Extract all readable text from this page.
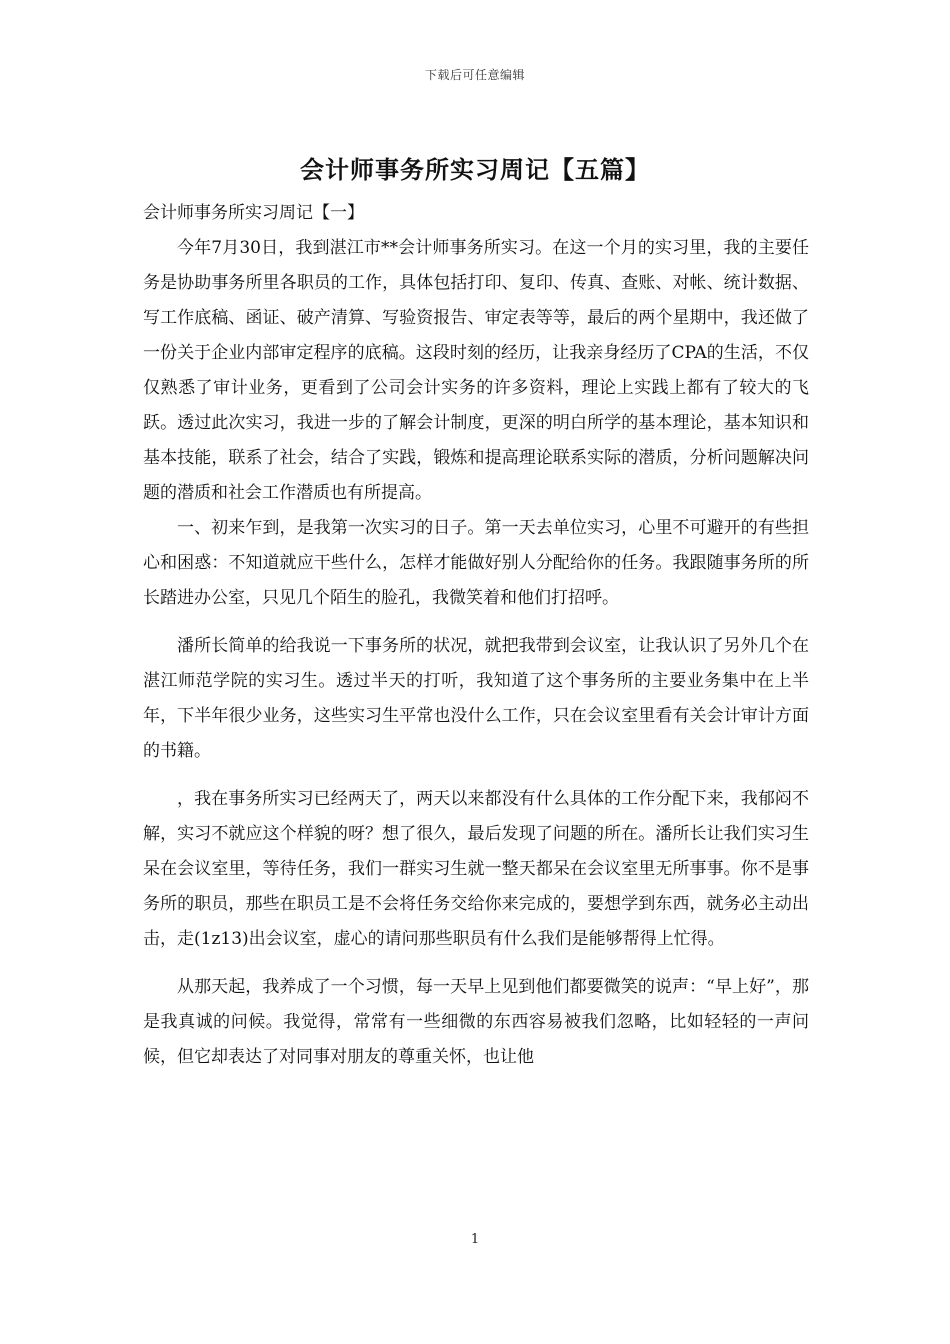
下载后可任意编辑
会计师事务所实习周记【五篇】

会计师事务所实习周记【一】

今年7月30日，我到湛江市**会计师事务所实习。在这一个月的实习里，我的主要任务是协助事务所里各职员的工作，具体包括打印、复印、传真、查账、对帐、统计数据、写工作底稿、函证、破产清算、写验资报告、审定表等等，最后的两个星期中，我还做了一份关于企业内部审定程序的底稿。这段时刻的经历，让我亲身经历了CPA的生活，不仅仅熟悉了审计业务，更看到了公司会计实务的许多资料，理论上实践上都有了较大的飞跃。透过此次实习，我进一步的了解会计制度，更深的明白所学的基本理论，基本知识和基本技能，联系了社会，结合了实践，锻炼和提高理论联系实际的潜质，分析问题解决问题的潜质和社会工作潜质也有所提高。

一、初来乍到，是我第一次实习的日子。第一天去单位实习，心里不可避开的有些担心和困惑：不知道就应干些什么，怎样才能做好别人分配给你的任务。我跟随事务所的所长踏进办公室，只见几个陌生的脸孔，我微笑着和他们打招呼。

潘所长简单的给我说一下事务所的状况，就把我带到会议室，让我认识了另外几个在湛江师范学院的实习生。透过半天的打听，我知道了这个事务所的主要业务集中在上半年，下半年很少业务，这些实习生平常也没什么工作，只在会议室里看有关会计审计方面的书籍。

，我在事务所实习已经两天了，两天以来都没有什么具体的工作分配下来，我郁闷不解，实习不就应这个样貌的呀？想了很久，最后发现了问题的所在。潘所长让我们实习生呆在会议室里，等待任务，我们一群实习生就一整天都呆在会议室里无所事事。你不是事务所的职员，那些在职员工是不会将任务交给你来完成的，要想学到东西，就务必主动出击，走(1z13)出会议室，虚心的请问那些职员有什么我们是能够帮得上忙得。

从那天起，我养成了一个习惯，每一天早上见到他们都要微笑的说声：“早上好”，那是我真诚的问候。我觉得，常常有一些细微的东西容易被我们忽略，比如轻轻的一声问候，但它却表达了对同事对朋友的尊重关怀，也让他

1
